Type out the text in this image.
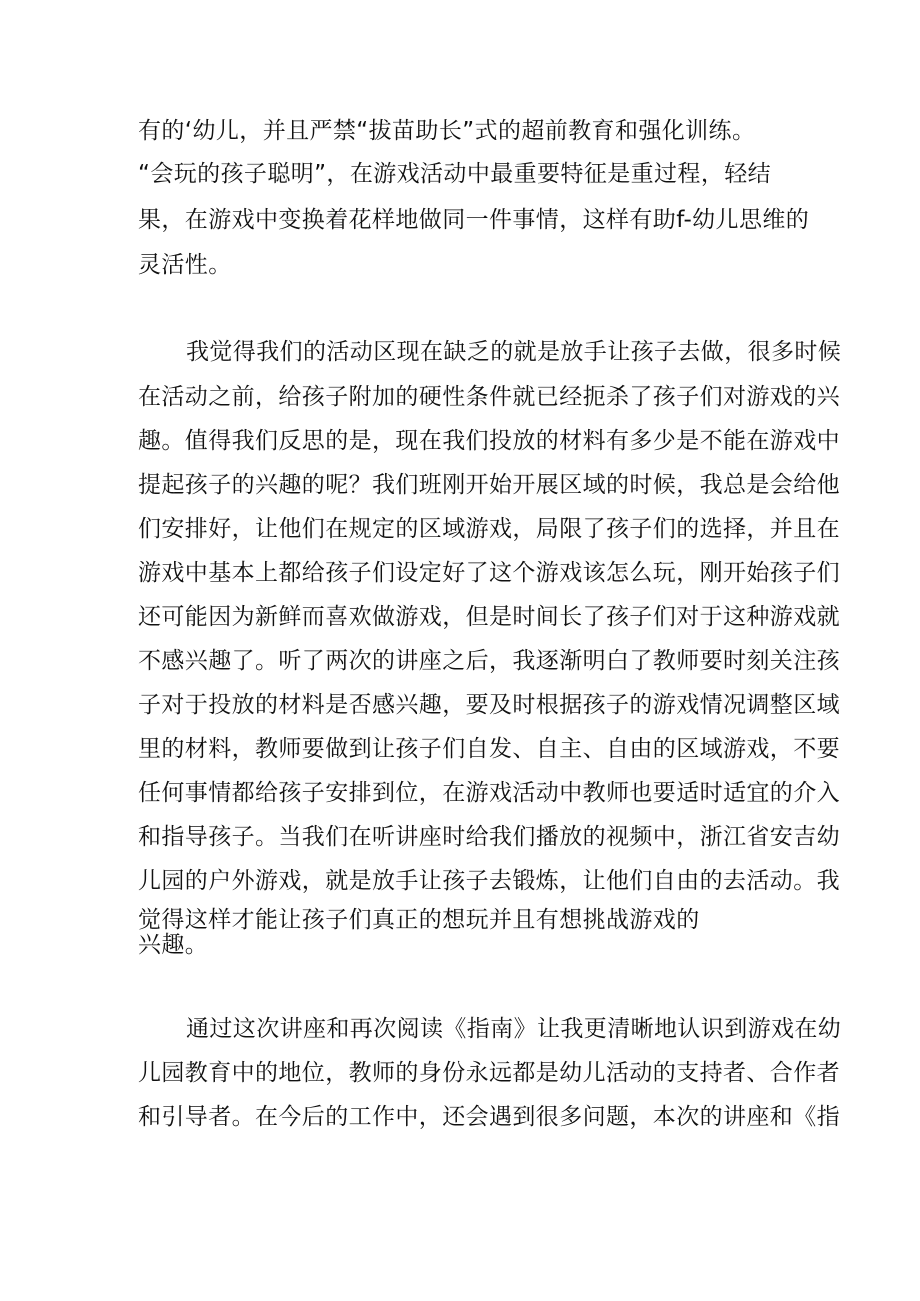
有的‘幼儿，并且严禁“拔苗助长”式的超前教育和强化训练。
“会玩的孩子聪明”，在游戏活动中最重要特征是重过程，轻结
果，在游戏中变换着花样地做同一件事情，这样有助f-幼儿思维的
灵活性。
我觉得我们的活动区现在缺乏的就是放手让孩子去做，很多时候
在活动之前，给孩子附加的硬性条件就已经扼杀了孩子们对游戏的兴
趣。值得我们反思的是，现在我们投放的材料有多少是不能在游戏中
提起孩子的兴趣的呢？我们班刚开始开展区域的时候，我总是会给他
们安排好，让他们在规定的区域游戏，局限了孩子们的选择，并且在
游戏中基本上都给孩子们设定好了这个游戏该怎么玩，刚开始孩子们
还可能因为新鲜而喜欢做游戏，但是时间长了孩子们对于这种游戏就
不感兴趣了。听了两次的讲座之后，我逐渐明白了教师要时刻关注孩
子对于投放的材料是否感兴趣，要及时根据孩子的游戏情况调整区域
里的材料，教师要做到让孩子们自发、自主、自由的区域游戏，不要
任何事情都给孩子安排到位，在游戏活动中教师也要适时适宜的介入
和指导孩子。当我们在听讲座时给我们播放的视频中，浙江省安吉幼
儿园的户外游戏，就是放手让孩子去锻炼，让他们自由的去活动。我
觉得这样才能让孩子们真正的想玩并且有想挑战游戏的
兴趣。
通过这次讲座和再次阅读《指南》让我更清晰地认识到游戏在幼
儿园教育中的地位，教师的身份永远都是幼儿活动的支持者、合作者
和引导者。在今后的工作中，还会遇到很多问题，本次的讲座和《指
